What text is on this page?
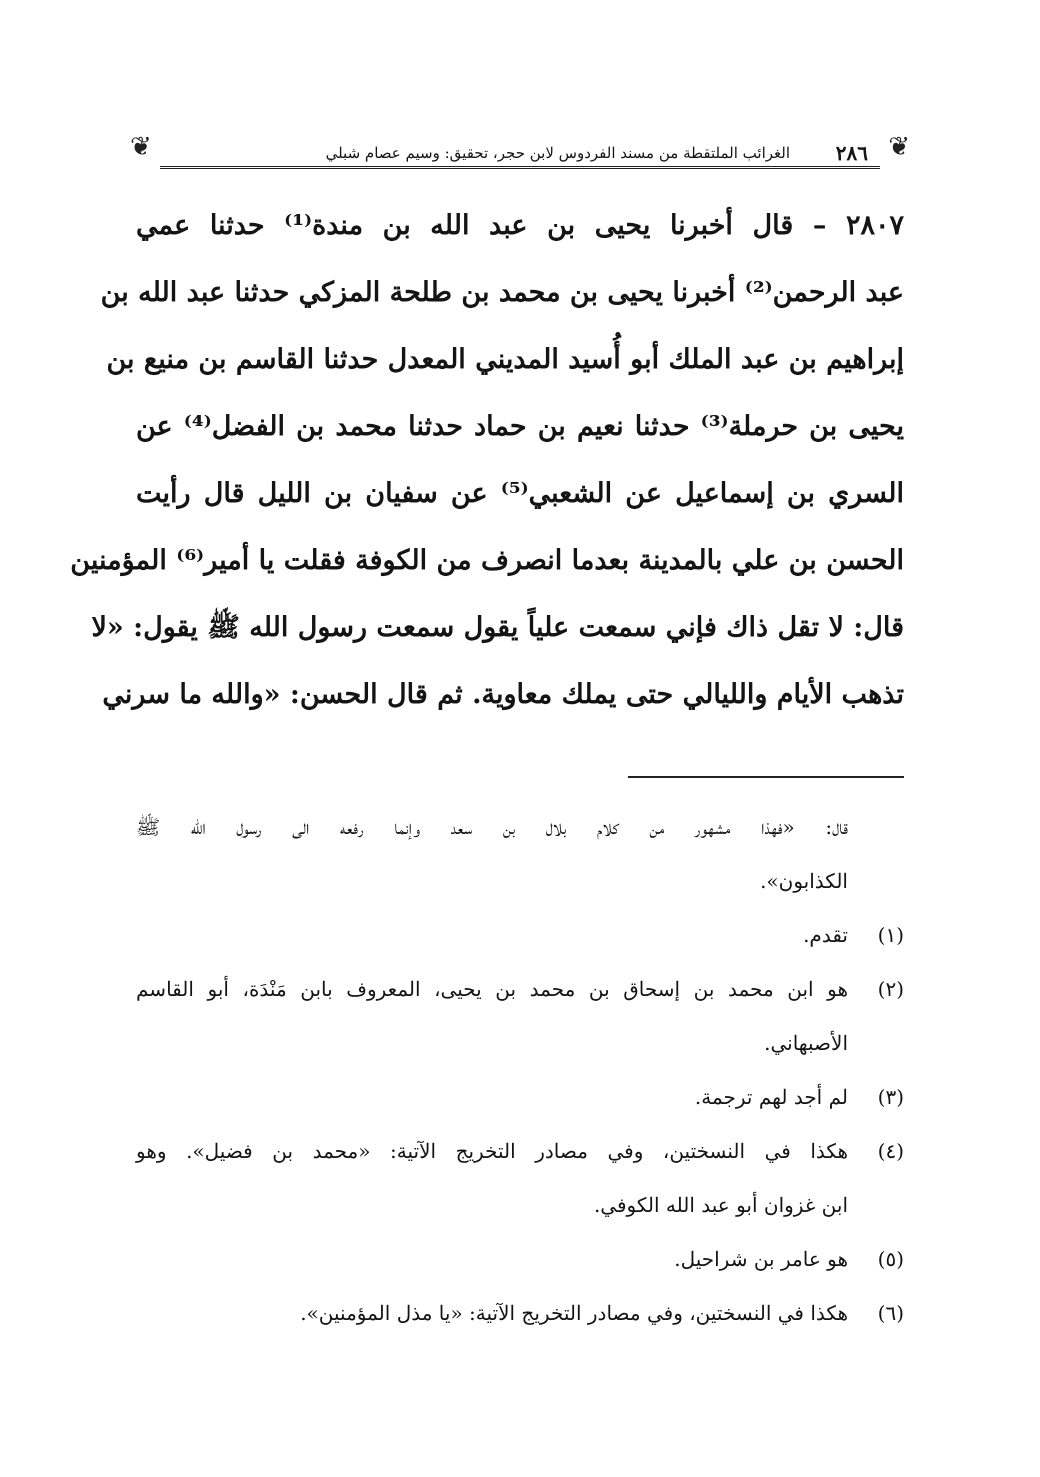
❦
٢٨٦
الغرائب الملتقطة من مسند الفردوس لابن حجر، تحقيق: وسيم عصام شبلي
❦
٢٨٠٧ – قال أخبرنا يحيى بن عبد الله بن مندة⁽¹⁾ حدثنا عمي
عبد الرحمن⁽²⁾ أخبرنا يحيى بن محمد بن طلحة المزكي حدثنا عبد الله بن
إبراهيم بن عبد الملك أبو أُسيد المديني المعدل حدثنا القاسم بن منيع بن
يحيى بن حرملة⁽³⁾ حدثنا نعيم بن حماد حدثنا محمد بن الفضل⁽⁴⁾ عن
السري بن إسماعيل عن الشعبي⁽⁵⁾ عن سفيان بن الليل قال رأيت
الحسن بن علي بالمدينة بعدما انصرف من الكوفة فقلت يا أمير⁽⁶⁾ المؤمنين
قال: لا تقل ذاك فإني سمعت علياً يقول سمعت رسول الله ﷺ يقول: «لا
تذهب الأيام والليالي حتى يملك معاوية. ثم قال الحسن: «والله ما سرني
قال: «فهذا مشهور من كلام بلال بن سعد وإنما رفعه الى رسول الله ﷺ
الكذابون».
(١)تقدم.
(٢)هو ابن محمد بن إسحاق بن محمد بن يحيى، المعروف بابن مَنْدَة، أبو القاسم
الأصبهاني.
(٣)لم أجد لهم ترجمة.
(٤)هكذا في النسختين، وفي مصادر التخريج الآتية: «محمد بن فضيل». وهو
ابن غزوان أبو عبد الله الكوفي.
(٥)هو عامر بن شراحيل.
(٦)هكذا في النسختين، وفي مصادر التخريج الآتية: «يا مذل المؤمنين».
